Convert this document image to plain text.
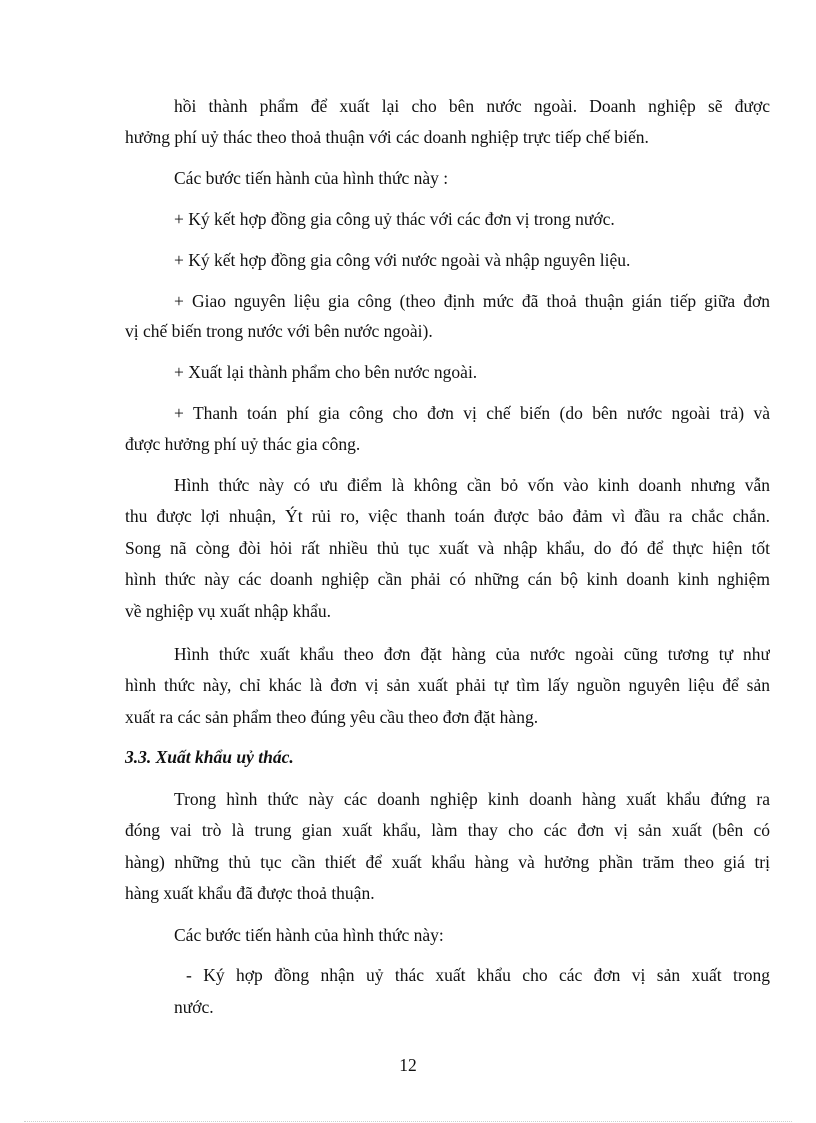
hồi thành phẩm để xuất lại cho bên nước ngoài. Doanh nghiệp sẽ được
hưởng phí uỷ thác theo thoả thuận với các doanh nghiệp trực tiếp chế biến.
Các bước tiến hành của hình thức này :
+ Ký kết hợp đồng gia công uỷ thác với các đơn vị trong nước.
+ Ký kết hợp đồng gia công với nước ngoài và nhập nguyên liệu.
+ Giao nguyên liệu gia công (theo định mức đã thoả thuận gián tiếp giữa đơn
vị chế biến trong nước với bên nước ngoài).
+ Xuất lại thành phẩm cho bên nước ngoài.
+ Thanh toán phí gia công cho đơn vị chế biến (do bên nước ngoài trả) và
được hưởng phí uỷ thác gia công.
Hình thức này có ưu điểm là không cần bỏ vốn vào kinh doanh nhưng vẫn
thu được lợi nhuận, Ýt rủi ro, việc thanh toán được bảo đảm vì đầu ra chắc chắn.
Song nã còng đòi hỏi rất nhiều thủ tục xuất và nhập khẩu, do đó để thực hiện tốt
hình thức này các doanh nghiệp cần phải có những cán bộ kinh doanh kinh nghiệm
về nghiệp vụ xuất nhập khẩu.
Hình thức xuất khẩu theo đơn đặt hàng của nước ngoài cũng tương tự như
hình thức này, chỉ khác là đơn vị sản xuất phải tự tìm lấy nguồn nguyên liệu để sản
xuất ra các sản phẩm theo đúng yêu cầu theo đơn đặt hàng.
3.3. Xuất khẩu uỷ thác.
Trong hình thức này các doanh nghiệp kinh doanh hàng xuất khẩu đứng ra
đóng vai trò là trung gian xuất khẩu, làm thay cho các đơn vị sản xuất (bên có
hàng) những thủ tục cần thiết để xuất khẩu hàng và hưởng phần trăm theo giá trị
hàng xuất khẩu đã được thoả thuận.
Các bước tiến hành của hình thức này:
- Ký hợp đồng nhận uỷ thác xuất khẩu cho các đơn vị sản xuất trong
nước.
12
